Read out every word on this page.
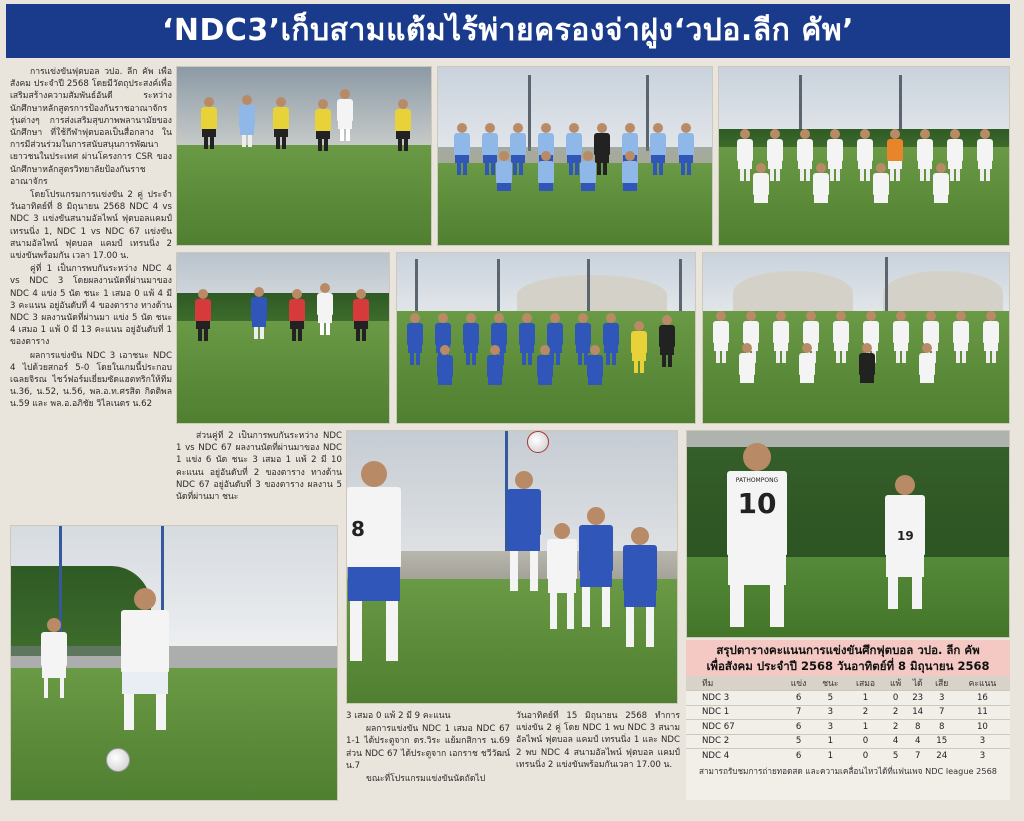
‘NDC3’เก็บสามแต้มไร้พ่ายครองจ่าฝูง‘วปอ.ลีก คัพ’

การแข่งขันฟุตบอล วปอ. ลีก คัพ เพื่อสังคม ประจำปี 2568 โดยมีวัตถุประสงค์เพื่อเสริมสร้างความสัมพันธ์อันดี ระหว่างนักศึกษาหลักสูตรการป้องกันราชอาณาจักรรุ่นต่างๆ การส่งเสริมสุขภาพพลานามัยของนักศึกษา ที่ใช้กีฬาฟุตบอลเป็นสื่อกลาง ในการมีส่วนร่วมในการสนับสนุนการพัฒนาเยาวชนในประเทศ ผ่านโครงการ CSR ของนักศึกษาหลักสูตรวิทยาลัยป้องกันราชอาณาจักร

โดยโปรแกรมการแข่งขัน 2 คู่ ประจำวันอาทิตย์ที่ 8 มิถุนายน 2568 NDC 4 vs NDC 3 แข่งขันสนามอัลไพน์ ฟุตบอลแคมป์ เทรนนิ่ง 1, NDC 1 vs NDC 67 แข่งขันสนามอัลไพน์ ฟุตบอล แคมป์ เทรนนิ่ง 2 แข่งขันพร้อมกัน เวลา 17.00 น.

คู่ที่ 1 เป็นการพบกันระหว่าง NDC 4 vs NDC 3 โดยผลงานนัดที่ผ่านมาของ NDC 4 แข่ง 5 นัด ชนะ 1 เสมอ 0 แพ้ 4 มี 3 คะแนน อยู่อันดับที่ 4 ของตาราง ทางด้าน NDC 3 ผลงานนัดที่ผ่านมา แข่ง 5 นัด ชนะ 4 เสมอ 1 แพ้ 0 มี 13 คะแนน อยู่อันดับที่ 1 ของตาราง

ผลการแข่งขัน NDC 3 เอาชนะ NDC 4 ไปด้วยสกอร์ 5-0 โดยในเกมนี้ประกอบ เฉลยจิรณ ไชว์ฟอร์มเยี่ยมซัดแฮตทริกให้ทีม น.36, น.52, น.56, พล.อ.ท.ศรสิต กิตติพล น.59 และ พล.อ.อภิชัย วิไลเนตร น.62

ส่วนคู่ที่ 2 เป็นการพบกันระหว่าง NDC 1 vs NDC 67 ผลงานนัดที่ผ่านมาของ NDC 1 แข่ง 6 นัด ชนะ 3 เสมอ 1 แพ้ 2 มี 10 คะแนน อยู่อันดับที่ 2 ของตาราง ทางด้าน NDC 67 อยู่อันดับที่ 3 ของตาราง ผลงาน 5 นัดที่ผ่านมา ชนะ

3 เสมอ 0 แพ้ 2 มี 9 คะแนน

ผลการแข่งขัน NDC 1 เสมอ NDC 67 1-1 ได้ประตูจาก ดร.วิระ แย้มกสิการ น.69 ส่วน NDC 67 ได้ประตูจาก เอกราช ชวีวัฒน์ น.7

ขณะที่โปรแกรมแข่งขันนัดถัดไป

วันอาทิตย์ที่ 15 มิถุนายน 2568 ทำการแข่งขัน 2 คู่ โดย NDC 1 พบ NDC 3 สนามอัลไพน์ ฟุตบอล แคมป์ เทรนนิ่ง 1 และ NDC 2 พบ NDC 4 สนามอัลไพน์ ฟุตบอล แคมป์ เทรนนิ่ง 2 แข่งขันพร้อมกันเวลา 17.00 น.

8
PATHOMPONG
10
19
สรุปตารางคะแนนการแข่งขันศึกฟุตบอล วปอ. ลีก คัพ
เพื่อสังคม ประจำปี 2568 วันอาทิตย์ที่ 8 มิถุนายน 2568
ทีม	แข่ง	ชนะ	เสมอ	แพ้	ได้	เสีย	คะแนน
NDC 3	6	5	1	0	23	3	16
NDC 1	7	3	2	2	14	7	11
NDC 67	6	3	1	2	8	8	10
NDC 2	5	1	0	4	4	15	3
NDC 4	6	1	0	5	7	24	3
สามารถรับชมการถ่ายทอดสด และความเคลื่อนไหวได้ที่แฟนเพจ NDC league 2568
